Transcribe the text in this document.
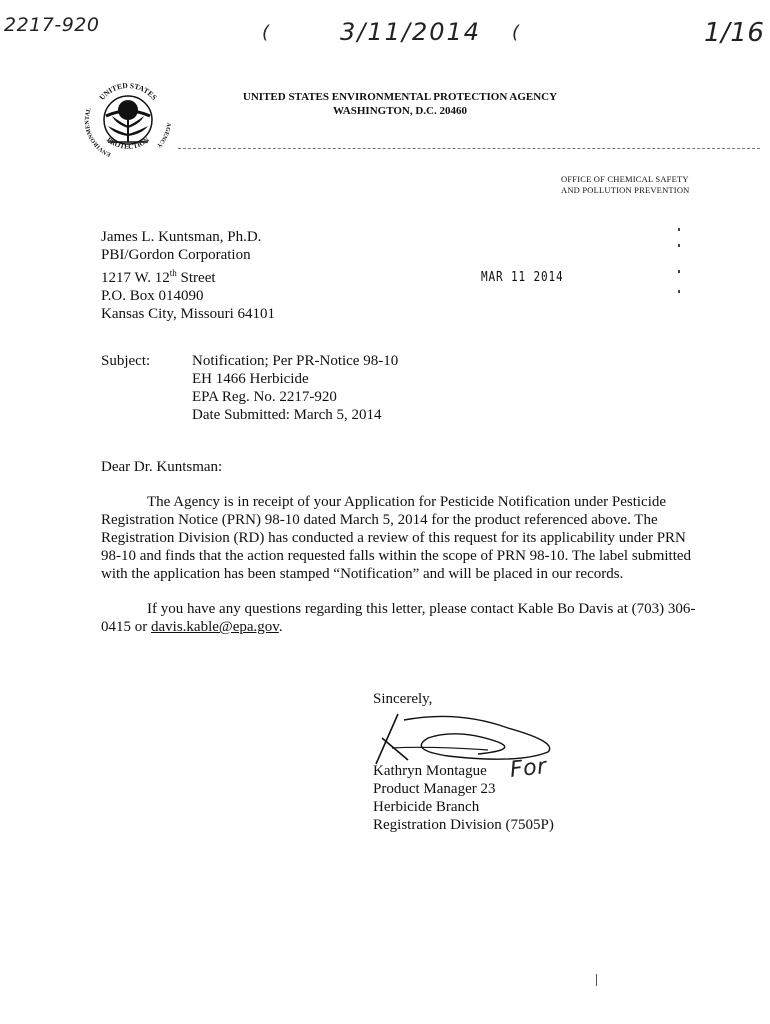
2217-920	(	3/11/2014 (	1/16
UNITED STATES
PROTECTION
ENVIRONMENTAL
AGENCY
UNITED STATES ENVIRONMENTAL PROTECTION AGENCY
WASHINGTON, D.C. 20460
OFFICE OF CHEMICAL SAFETY
AND POLLUTION PREVENTION
James L. Kuntsman, Ph.D.
PBI/Gordon Corporation
1217 W. 12th Street
P.O. Box 014090
Kansas City, Missouri 64101
MAR 11 2014
Subject:	Notification; Per PR-Notice 98-10
EH 1466 Herbicide
EPA Reg. No. 2217-920
Date Submitted: March 5, 2014
Dear Dr. Kuntsman:
The Agency is in receipt of your Application for Pesticide Notification under Pesticide
Registration Notice (PRN) 98-10 dated March 5, 2014 for the product referenced above. The
Registration Division (RD) has conducted a review of this request for its applicability under PRN
98-10 and finds that the action requested falls within the scope of PRN 98-10. The label submitted
with the application has been stamped “Notification” and will be placed in our records.
If you have any questions regarding this letter, please contact Kable Bo Davis at (703) 306-
0415 or davis.kable@epa.gov.
Sincerely,
Kathryn Montague
Product Manager 23
Herbicide Branch
Registration Division (7505P)
For
